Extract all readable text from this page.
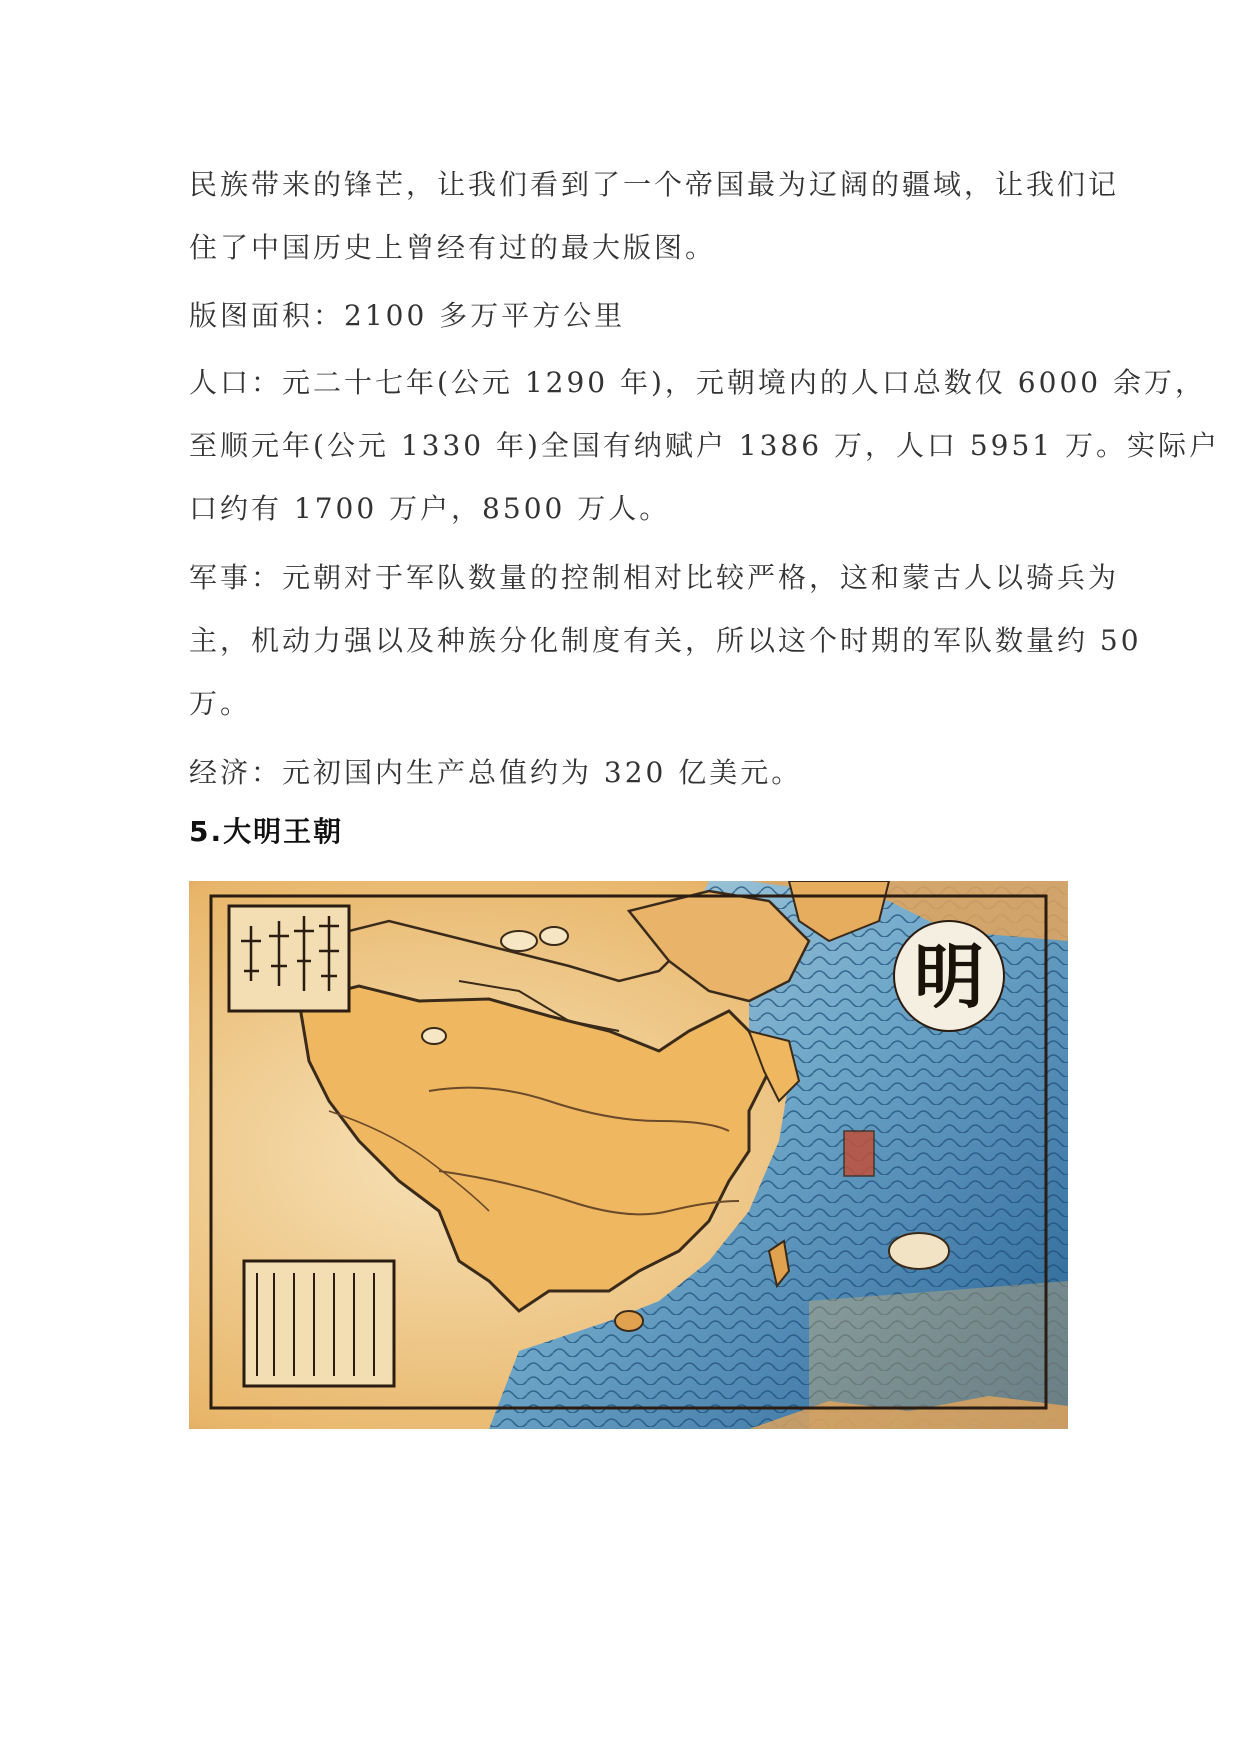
民族带来的锋芒，让我们看到了一个帝国最为辽阔的疆域，让我们记
住了中国历史上曾经有过的最大版图。
版图面积：2100 多万平方公里
人口：元二十七年(公元 1290 年)，元朝境内的人口总数仅 6000 余万，
至顺元年(公元 1330 年)全国有纳赋户 1386 万，人口 5951 万。实际户
口约有 1700 万户，8500 万人。
军事：元朝对于军队数量的控制相对比较严格，这和蒙古人以骑兵为
主，机动力强以及种族分化制度有关，所以这个时期的军队数量约 50
万。
经济：元初国内生产总值约为 320 亿美元。
5.大明王朝
明
